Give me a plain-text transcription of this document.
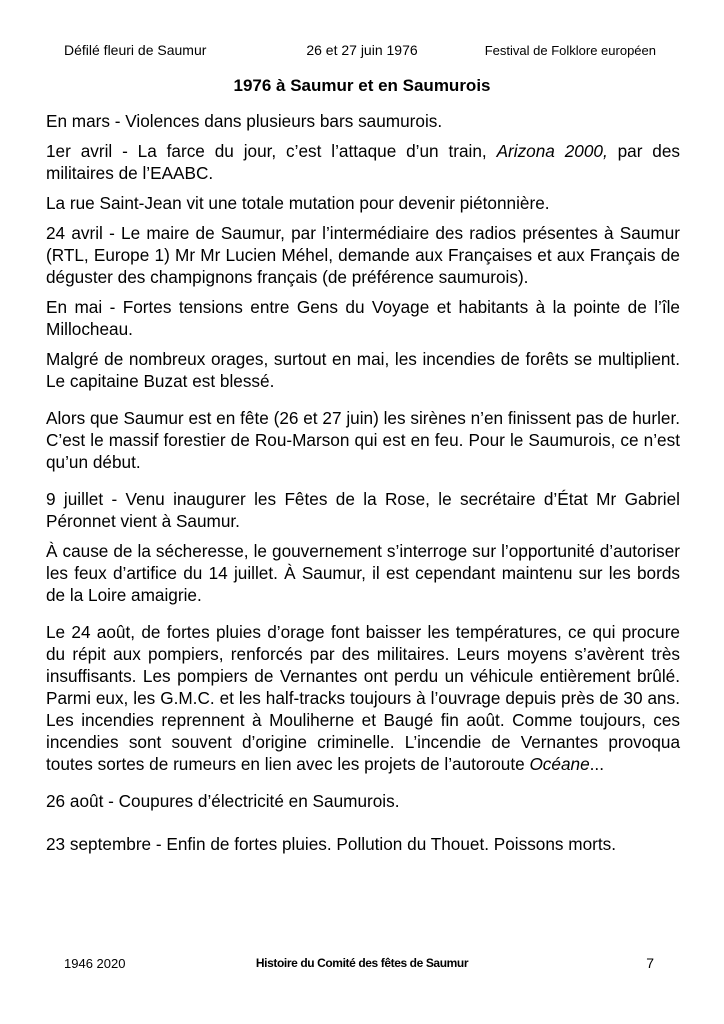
Défilé fleuri de Saumur	26 et 27 juin 1976	Festival de Folklore européen
1976 à Saumur et en Saumurois

En mars - Violences dans plusieurs bars saumurois.

1er avril - La farce du jour, c’est l’attaque d’un train, Arizona 2000, par des militaires de l’EAABC.

La rue Saint-Jean vit une totale mutation pour devenir piétonnière.

24 avril - Le maire de Saumur, par l’intermédiaire des radios présentes à Saumur (RTL, Europe 1) Mr Mr Lucien Méhel, demande aux Françaises et aux Français de déguster des champignons français (de préférence saumurois).

En mai - Fortes tensions entre Gens du Voyage et habitants à la pointe de l’île Millocheau.

Malgré de nombreux orages, surtout en mai, les incendies de forêts se multiplient. Le capitaine Buzat est blessé.

Alors que Saumur est en fête (26 et 27 juin) les sirènes n’en finissent pas de hurler. C’est le massif forestier de Rou-Marson qui est en feu. Pour le Saumurois, ce n’est qu’un début.

9 juillet - Venu inaugurer les Fêtes de la Rose, le secrétaire d’État Mr Gabriel Péronnet vient à Saumur.

À cause de la sécheresse, le gouvernement s’interroge sur l’opportunité d’autoriser les feux d’artifice du 14 juillet. À Saumur, il est cependant maintenu sur les bords de la Loire amaigrie.

Le 24 août, de fortes pluies d’orage font baisser les températures, ce qui procure du répit aux pompiers, renforcés par des militaires. Leurs moyens s’avèrent très insuffisants. Les pompiers de Vernantes ont perdu un véhicule entièrement brûlé. Parmi eux, les G.M.C. et les half-tracks toujours à l’ouvrage depuis près de 30 ans. Les incendies reprennent à Mouliherne et Baugé fin août. Comme toujours, ces incendies sont souvent d’origine criminelle. L’incendie de Vernantes provoqua toutes sortes de rumeurs en lien avec les projets de l’autoroute Océane...

26 août - Coupures d’électricité en Saumurois.

23 septembre - Enfin de fortes pluies. Pollution du Thouet. Poissons morts.

1946 2020	Histoire du Comité des fêtes de Saumur	7
